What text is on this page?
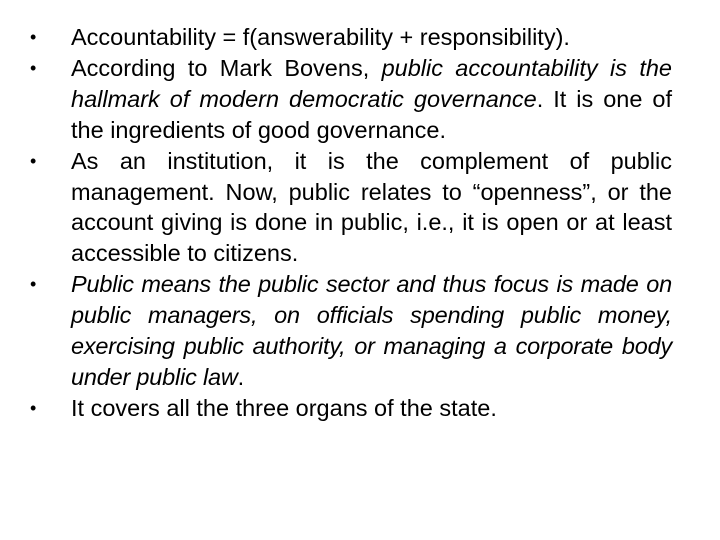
• Accountability = f(answerability + responsibility).
• According to Mark Bovens, public accountability is the hallmark of modern democratic governance. It is one of the ingredients of good governance.
• As an institution, it is the complement of public management. Now, public relates to “openness”, or the account giving is done in public, i.e., it is open or at least accessible to citizens.
• Public means the public sector and thus focus is made on public managers, on officials spending public money, exercising public authority, or managing a corporate body under public law.
• It covers all the three organs of the state.
